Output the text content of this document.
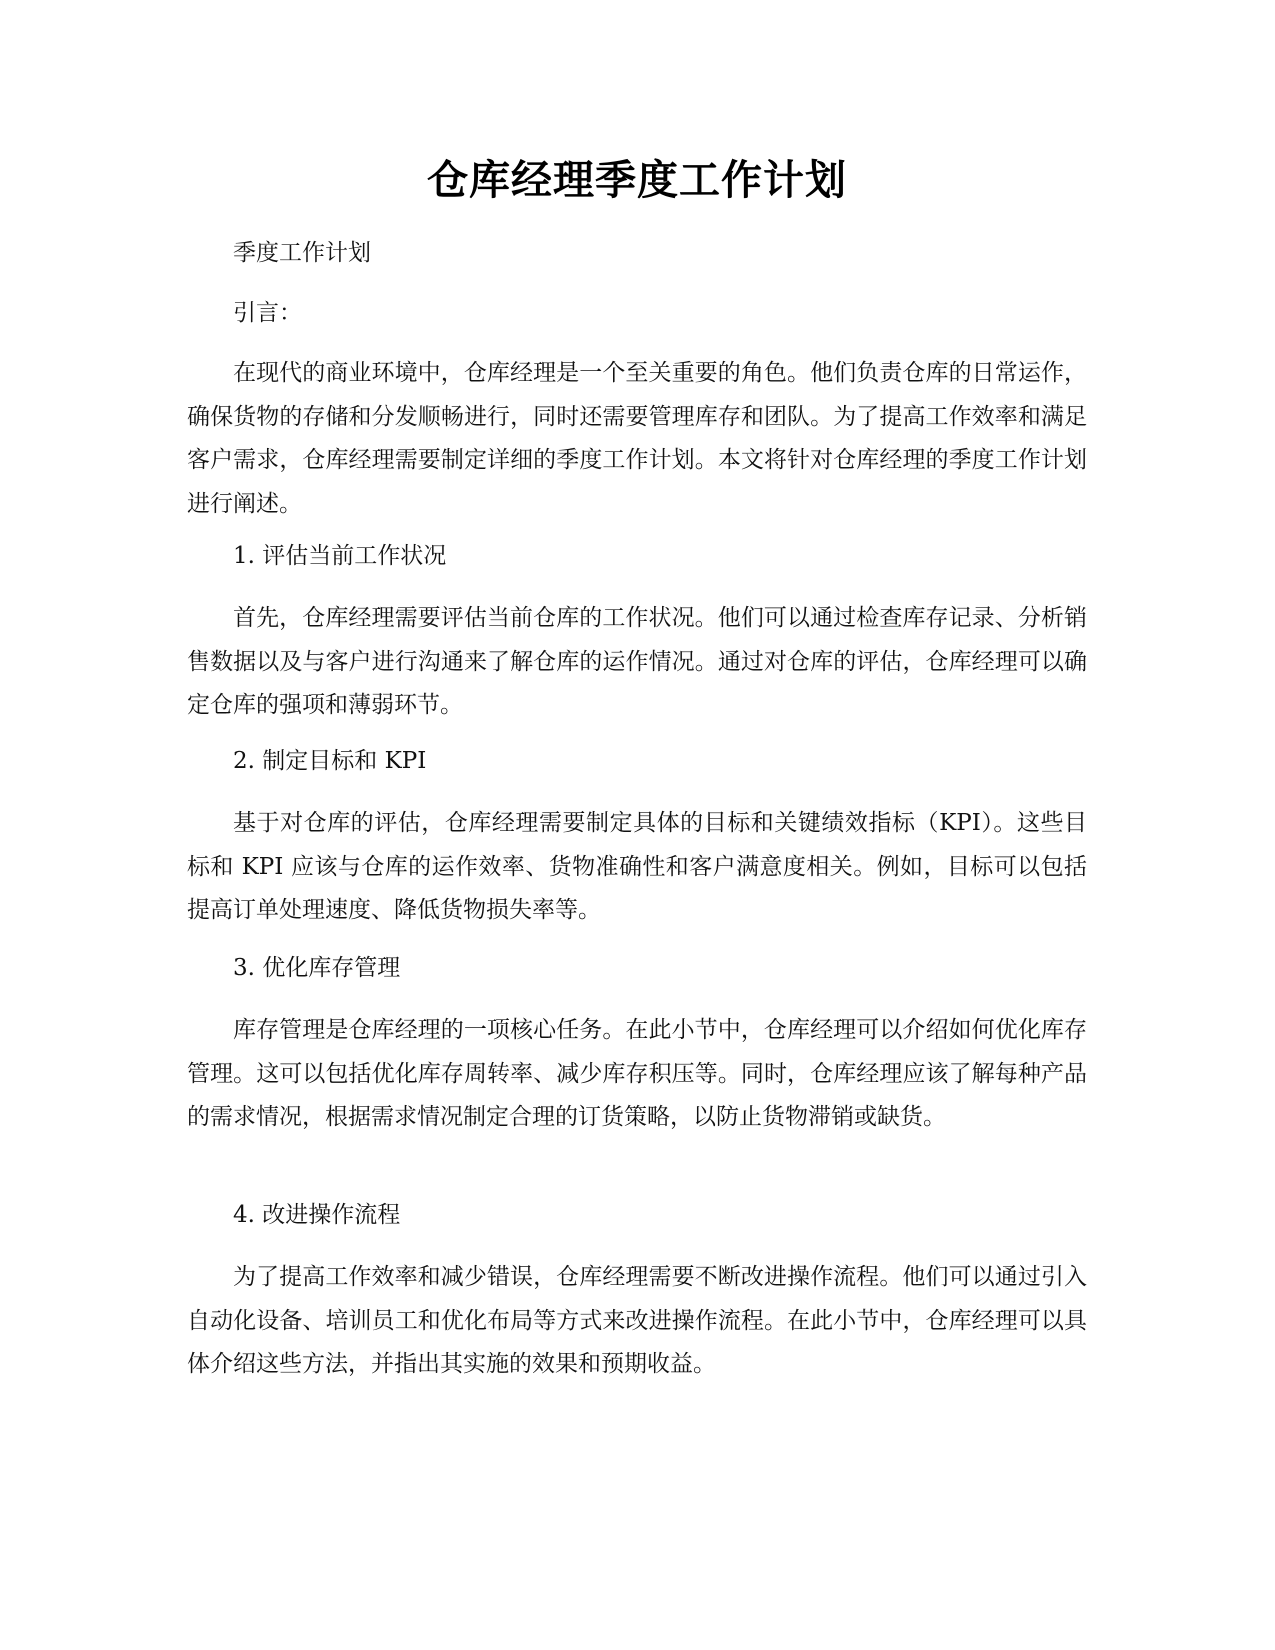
仓库经理季度工作计划

季度工作计划

引言：

在现代的商业环境中，仓库经理是一个至关重要的角色。他们负责仓库的日常运作，确保货物的存储和分发顺畅进行，同时还需要管理库存和团队。为了提高工作效率和满足客户需求，仓库经理需要制定详细的季度工作计划。本文将针对仓库经理的季度工作计划进行阐述。

1. 评估当前工作状况

首先，仓库经理需要评估当前仓库的工作状况。他们可以通过检查库存记录、分析销售数据以及与客户进行沟通来了解仓库的运作情况。通过对仓库的评估，仓库经理可以确定仓库的强项和薄弱环节。

2. 制定目标和 KPI

基于对仓库的评估，仓库经理需要制定具体的目标和关键绩效指标（KPI）。这些目标和 KPI 应该与仓库的运作效率、货物准确性和客户满意度相关。例如，目标可以包括提高订单处理速度、降低货物损失率等。

3. 优化库存管理

库存管理是仓库经理的一项核心任务。在此小节中，仓库经理可以介绍如何优化库存管理。这可以包括优化库存周转率、减少库存积压等。同时，仓库经理应该了解每种产品的需求情况，根据需求情况制定合理的订货策略，以防止货物滞销或缺货。

4. 改进操作流程

为了提高工作效率和减少错误，仓库经理需要不断改进操作流程。他们可以通过引入自动化设备、培训员工和优化布局等方式来改进操作流程。在此小节中，仓库经理可以具体介绍这些方法，并指出其实施的效果和预期收益。
